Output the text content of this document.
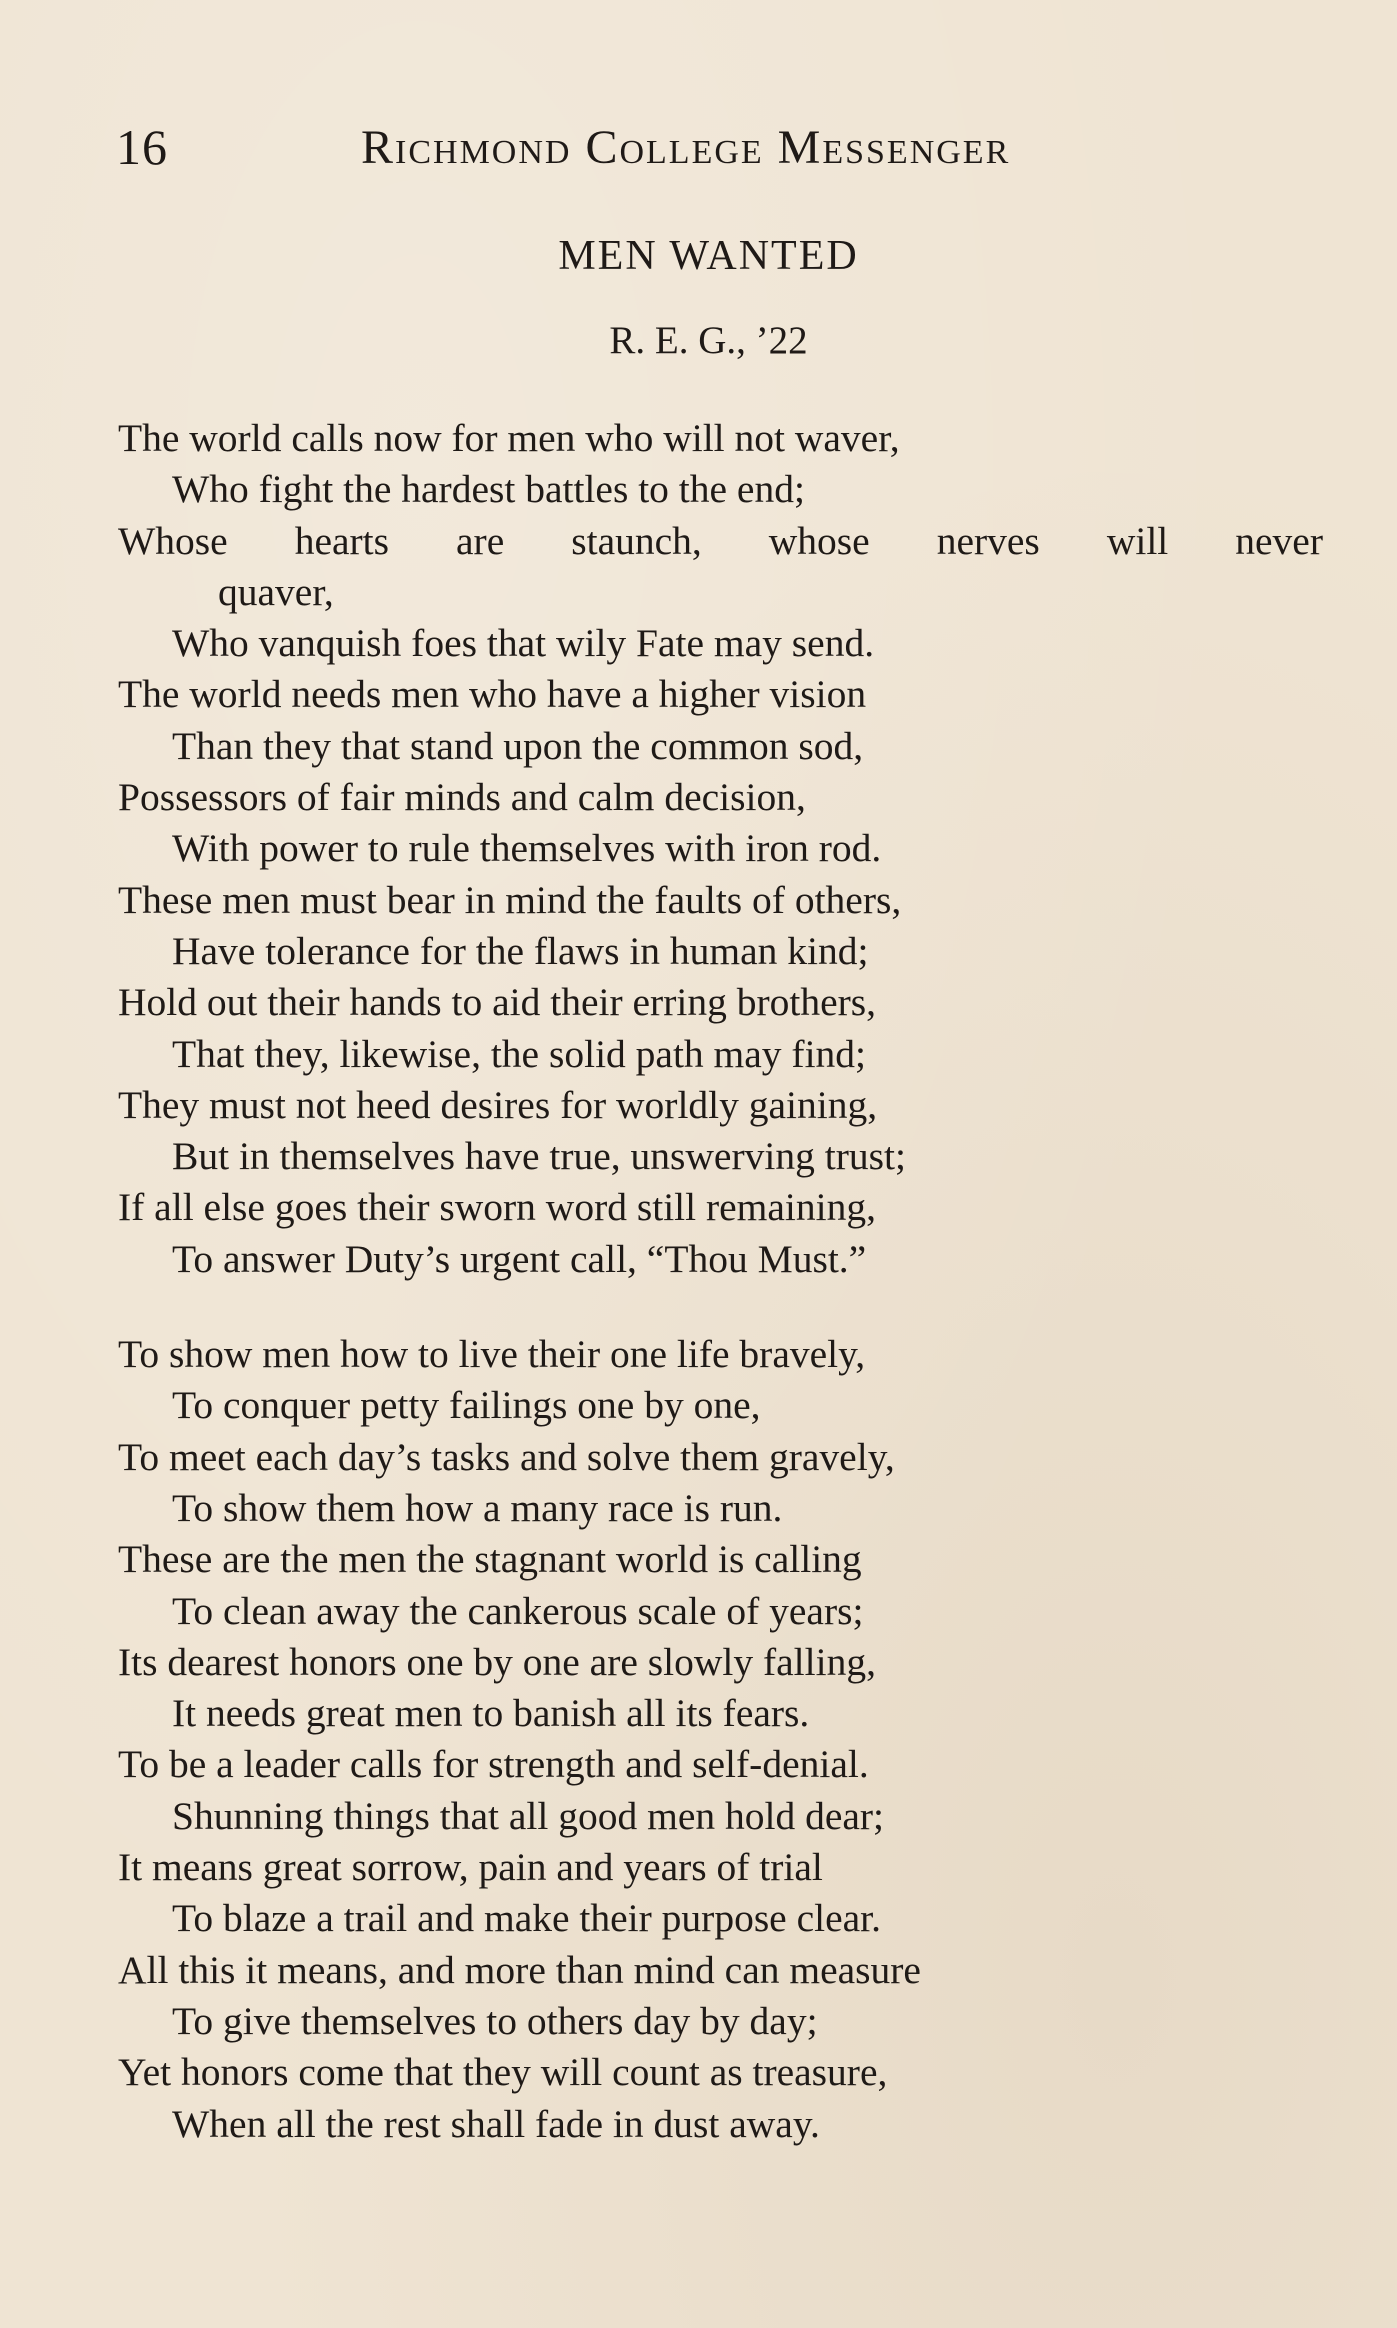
16	Richmond College Messenger
MEN WANTED
R. E. G., ’22
The world calls now for men who will not waver,
Who fight the hardest battles to the end;
Whose hearts are staunch, whose nerves will never
quaver,
Who vanquish foes that wily Fate may send.
The world needs men who have a higher vision
Than they that stand upon the common sod,
Possessors of fair minds and calm decision,
With power to rule themselves with iron rod.
These men must bear in mind the faults of others,
Have tolerance for the flaws in human kind;
Hold out their hands to aid their erring brothers,
That they, likewise, the solid path may find;
They must not heed desires for worldly gaining,
But in themselves have true, unswerving trust;
If all else goes their sworn word still remaining,
To answer Duty’s urgent call, “Thou Must.”
To show men how to live their one life bravely,
To conquer petty failings one by one,
To meet each day’s tasks and solve them gravely,
To show them how a many race is run.
These are the men the stagnant world is calling
To clean away the cankerous scale of years;
Its dearest honors one by one are slowly falling,
It needs great men to banish all its fears.
To be a leader calls for strength and self-denial.
Shunning things that all good men hold dear;
It means great sorrow, pain and years of trial
To blaze a trail and make their purpose clear.
All this it means, and more than mind can measure
To give themselves to others day by day;
Yet honors come that they will count as treasure,
When all the rest shall fade in dust away.
